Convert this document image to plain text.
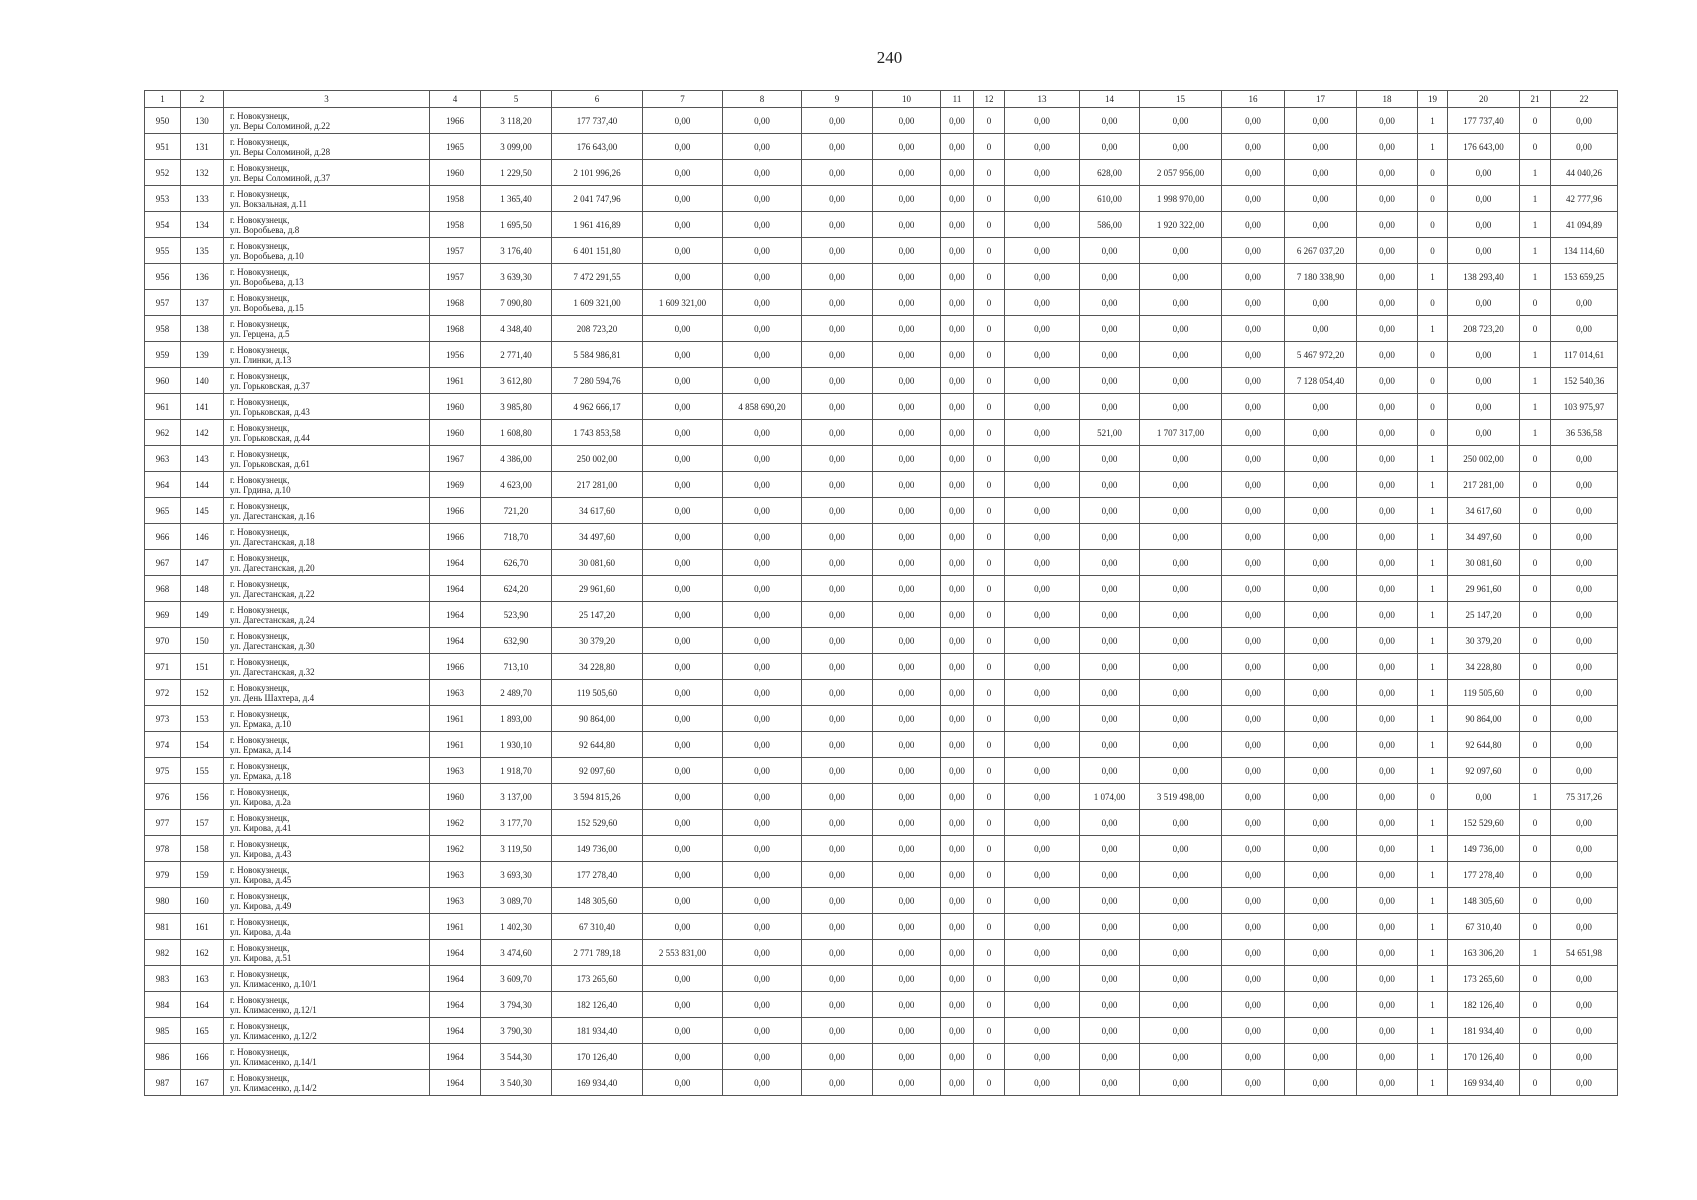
240
1	2	3	4	5	6	7	8	9	10	11	12	13	14	15	16	17	18	19	20	21	22
950	130	г. Новокузнецк,
ул. Веры Соломиной, д.22	1966	3 118,20	177 737,40	0,00	0,00	0,00	0,00	0,00	0	0,00	0,00	0,00	0,00	0,00	0,00	1	177 737,40	0	0,00
951	131	г. Новокузнецк,
ул. Веры Соломиной, д.28	1965	3 099,00	176 643,00	0,00	0,00	0,00	0,00	0,00	0	0,00	0,00	0,00	0,00	0,00	0,00	1	176 643,00	0	0,00
952	132	г. Новокузнецк,
ул. Веры Соломиной, д.37	1960	1 229,50	2 101 996,26	0,00	0,00	0,00	0,00	0,00	0	0,00	628,00	2 057 956,00	0,00	0,00	0,00	0	0,00	1	44 040,26
953	133	г. Новокузнецк,
ул. Вокзальная, д.11	1958	1 365,40	2 041 747,96	0,00	0,00	0,00	0,00	0,00	0	0,00	610,00	1 998 970,00	0,00	0,00	0,00	0	0,00	1	42 777,96
954	134	г. Новокузнецк,
ул. Воробьева, д.8	1958	1 695,50	1 961 416,89	0,00	0,00	0,00	0,00	0,00	0	0,00	586,00	1 920 322,00	0,00	0,00	0,00	0	0,00	1	41 094,89
955	135	г. Новокузнецк,
ул. Воробьева, д.10	1957	3 176,40	6 401 151,80	0,00	0,00	0,00	0,00	0,00	0	0,00	0,00	0,00	0,00	6 267 037,20	0,00	0	0,00	1	134 114,60
956	136	г. Новокузнецк,
ул. Воробьева, д.13	1957	3 639,30	7 472 291,55	0,00	0,00	0,00	0,00	0,00	0	0,00	0,00	0,00	0,00	7 180 338,90	0,00	1	138 293,40	1	153 659,25
957	137	г. Новокузнецк,
ул. Воробьева, д.15	1968	7 090,80	1 609 321,00	1 609 321,00	0,00	0,00	0,00	0,00	0	0,00	0,00	0,00	0,00	0,00	0,00	0	0,00	0	0,00
958	138	г. Новокузнецк,
ул. Герцена, д.5	1968	4 348,40	208 723,20	0,00	0,00	0,00	0,00	0,00	0	0,00	0,00	0,00	0,00	0,00	0,00	1	208 723,20	0	0,00
959	139	г. Новокузнецк,
ул. Глинки, д.13	1956	2 771,40	5 584 986,81	0,00	0,00	0,00	0,00	0,00	0	0,00	0,00	0,00	0,00	5 467 972,20	0,00	0	0,00	1	117 014,61
960	140	г. Новокузнецк,
ул. Горьковская, д.37	1961	3 612,80	7 280 594,76	0,00	0,00	0,00	0,00	0,00	0	0,00	0,00	0,00	0,00	7 128 054,40	0,00	0	0,00	1	152 540,36
961	141	г. Новокузнецк,
ул. Горьковская, д.43	1960	3 985,80	4 962 666,17	0,00	4 858 690,20	0,00	0,00	0,00	0	0,00	0,00	0,00	0,00	0,00	0,00	0	0,00	1	103 975,97
962	142	г. Новокузнецк,
ул. Горьковская, д.44	1960	1 608,80	1 743 853,58	0,00	0,00	0,00	0,00	0,00	0	0,00	521,00	1 707 317,00	0,00	0,00	0,00	0	0,00	1	36 536,58
963	143	г. Новокузнецк,
ул. Горьковская, д.61	1967	4 386,00	250 002,00	0,00	0,00	0,00	0,00	0,00	0	0,00	0,00	0,00	0,00	0,00	0,00	1	250 002,00	0	0,00
964	144	г. Новокузнецк,
ул. Грдина, д.10	1969	4 623,00	217 281,00	0,00	0,00	0,00	0,00	0,00	0	0,00	0,00	0,00	0,00	0,00	0,00	1	217 281,00	0	0,00
965	145	г. Новокузнецк,
ул. Дагестанская, д.16	1966	721,20	34 617,60	0,00	0,00	0,00	0,00	0,00	0	0,00	0,00	0,00	0,00	0,00	0,00	1	34 617,60	0	0,00
966	146	г. Новокузнецк,
ул. Дагестанская, д.18	1966	718,70	34 497,60	0,00	0,00	0,00	0,00	0,00	0	0,00	0,00	0,00	0,00	0,00	0,00	1	34 497,60	0	0,00
967	147	г. Новокузнецк,
ул. Дагестанская, д.20	1964	626,70	30 081,60	0,00	0,00	0,00	0,00	0,00	0	0,00	0,00	0,00	0,00	0,00	0,00	1	30 081,60	0	0,00
968	148	г. Новокузнецк,
ул. Дагестанская, д.22	1964	624,20	29 961,60	0,00	0,00	0,00	0,00	0,00	0	0,00	0,00	0,00	0,00	0,00	0,00	1	29 961,60	0	0,00
969	149	г. Новокузнецк,
ул. Дагестанская, д.24	1964	523,90	25 147,20	0,00	0,00	0,00	0,00	0,00	0	0,00	0,00	0,00	0,00	0,00	0,00	1	25 147,20	0	0,00
970	150	г. Новокузнецк,
ул. Дагестанская, д.30	1964	632,90	30 379,20	0,00	0,00	0,00	0,00	0,00	0	0,00	0,00	0,00	0,00	0,00	0,00	1	30 379,20	0	0,00
971	151	г. Новокузнецк,
ул. Дагестанская, д.32	1966	713,10	34 228,80	0,00	0,00	0,00	0,00	0,00	0	0,00	0,00	0,00	0,00	0,00	0,00	1	34 228,80	0	0,00
972	152	г. Новокузнецк,
ул. День Шахтера, д.4	1963	2 489,70	119 505,60	0,00	0,00	0,00	0,00	0,00	0	0,00	0,00	0,00	0,00	0,00	0,00	1	119 505,60	0	0,00
973	153	г. Новокузнецк,
ул. Ермака, д.10	1961	1 893,00	90 864,00	0,00	0,00	0,00	0,00	0,00	0	0,00	0,00	0,00	0,00	0,00	0,00	1	90 864,00	0	0,00
974	154	г. Новокузнецк,
ул. Ермака, д.14	1961	1 930,10	92 644,80	0,00	0,00	0,00	0,00	0,00	0	0,00	0,00	0,00	0,00	0,00	0,00	1	92 644,80	0	0,00
975	155	г. Новокузнецк,
ул. Ермака, д.18	1963	1 918,70	92 097,60	0,00	0,00	0,00	0,00	0,00	0	0,00	0,00	0,00	0,00	0,00	0,00	1	92 097,60	0	0,00
976	156	г. Новокузнецк,
ул. Кирова, д.2а	1960	3 137,00	3 594 815,26	0,00	0,00	0,00	0,00	0,00	0	0,00	1 074,00	3 519 498,00	0,00	0,00	0,00	0	0,00	1	75 317,26
977	157	г. Новокузнецк,
ул. Кирова, д.41	1962	3 177,70	152 529,60	0,00	0,00	0,00	0,00	0,00	0	0,00	0,00	0,00	0,00	0,00	0,00	1	152 529,60	0	0,00
978	158	г. Новокузнецк,
ул. Кирова, д.43	1962	3 119,50	149 736,00	0,00	0,00	0,00	0,00	0,00	0	0,00	0,00	0,00	0,00	0,00	0,00	1	149 736,00	0	0,00
979	159	г. Новокузнецк,
ул. Кирова, д.45	1963	3 693,30	177 278,40	0,00	0,00	0,00	0,00	0,00	0	0,00	0,00	0,00	0,00	0,00	0,00	1	177 278,40	0	0,00
980	160	г. Новокузнецк,
ул. Кирова, д.49	1963	3 089,70	148 305,60	0,00	0,00	0,00	0,00	0,00	0	0,00	0,00	0,00	0,00	0,00	0,00	1	148 305,60	0	0,00
981	161	г. Новокузнецк,
ул. Кирова, д.4а	1961	1 402,30	67 310,40	0,00	0,00	0,00	0,00	0,00	0	0,00	0,00	0,00	0,00	0,00	0,00	1	67 310,40	0	0,00
982	162	г. Новокузнецк,
ул. Кирова, д.51	1964	3 474,60	2 771 789,18	2 553 831,00	0,00	0,00	0,00	0,00	0	0,00	0,00	0,00	0,00	0,00	0,00	1	163 306,20	1	54 651,98
983	163	г. Новокузнецк,
ул. Климасенко, д.10/1	1964	3 609,70	173 265,60	0,00	0,00	0,00	0,00	0,00	0	0,00	0,00	0,00	0,00	0,00	0,00	1	173 265,60	0	0,00
984	164	г. Новокузнецк,
ул. Климасенко, д.12/1	1964	3 794,30	182 126,40	0,00	0,00	0,00	0,00	0,00	0	0,00	0,00	0,00	0,00	0,00	0,00	1	182 126,40	0	0,00
985	165	г. Новокузнецк,
ул. Климасенко, д.12/2	1964	3 790,30	181 934,40	0,00	0,00	0,00	0,00	0,00	0	0,00	0,00	0,00	0,00	0,00	0,00	1	181 934,40	0	0,00
986	166	г. Новокузнецк,
ул. Климасенко, д.14/1	1964	3 544,30	170 126,40	0,00	0,00	0,00	0,00	0,00	0	0,00	0,00	0,00	0,00	0,00	0,00	1	170 126,40	0	0,00
987	167	г. Новокузнецк,
ул. Климасенко, д.14/2	1964	3 540,30	169 934,40	0,00	0,00	0,00	0,00	0,00	0	0,00	0,00	0,00	0,00	0,00	0,00	1	169 934,40	0	0,00
